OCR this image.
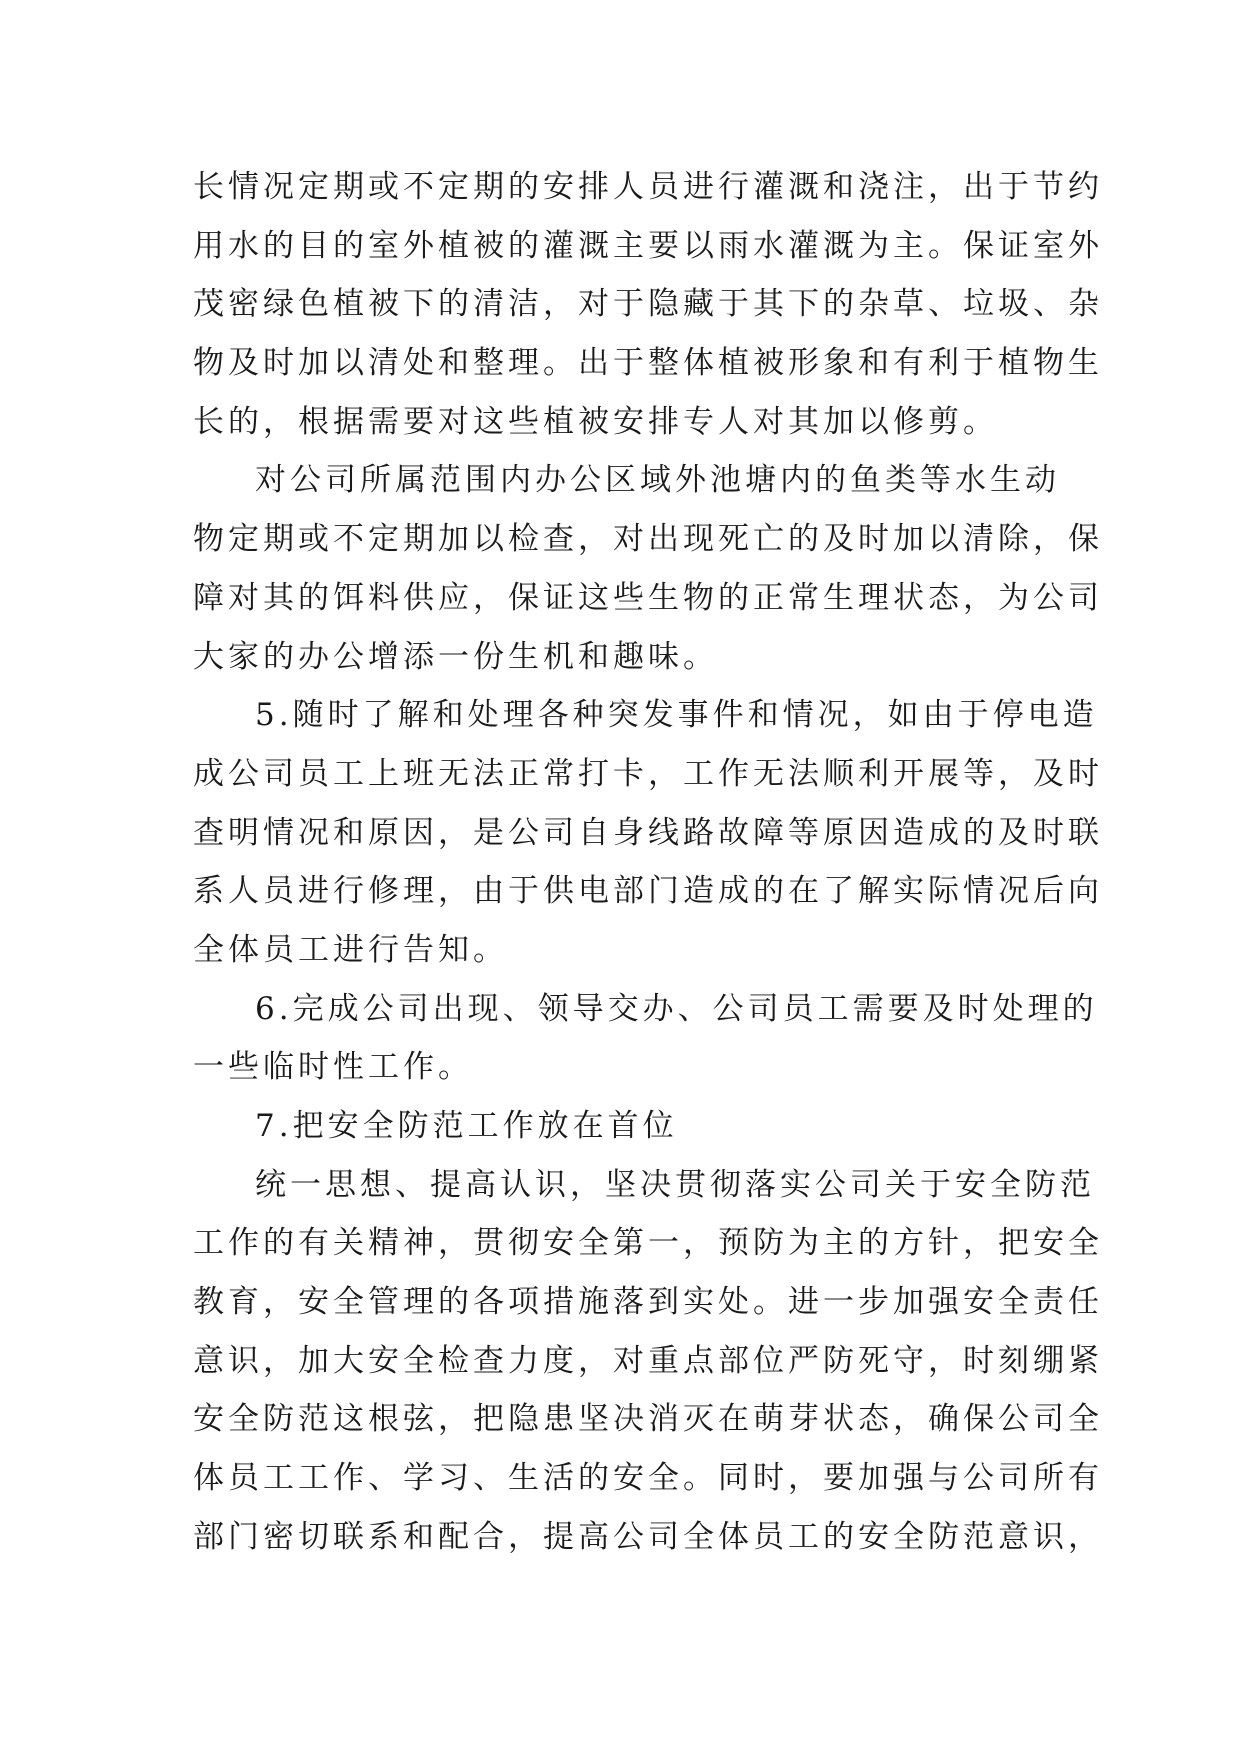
长情况定期或不定期的安排人员进行灌溉和浇注，出于节约
用水的目的室外植被的灌溉主要以雨水灌溉为主。保证室外
茂密绿色植被下的清洁，对于隐藏于其下的杂草、垃圾、杂
物及时加以清处和整理。出于整体植被形象和有利于植物生
长的，根据需要对这些植被安排专人对其加以修剪。
对公司所属范围内办公区域外池塘内的鱼类等水生动
物定期或不定期加以检查，对出现死亡的及时加以清除，保
障对其的饵料供应，保证这些生物的正常生理状态，为公司
大家的办公增添一份生机和趣味。
5.随时了解和处理各种突发事件和情况，如由于停电造
成公司员工上班无法正常打卡，工作无法顺利开展等，及时
查明情况和原因，是公司自身线路故障等原因造成的及时联
系人员进行修理，由于供电部门造成的在了解实际情况后向
全体员工进行告知。
6.完成公司出现、领导交办、公司员工需要及时处理的
一些临时性工作。
7.把安全防范工作放在首位
统一思想、提高认识，坚决贯彻落实公司关于安全防范
工作的有关精神，贯彻安全第一，预防为主的方针，把安全
教育，安全管理的各项措施落到实处。进一步加强安全责任
意识，加大安全检查力度，对重点部位严防死守，时刻绷紧
安全防范这根弦，把隐患坚决消灭在萌芽状态，确保公司全
体员工工作、学习、生活的安全。同时，要加强与公司所有
部门密切联系和配合，提高公司全体员工的安全防范意识，
